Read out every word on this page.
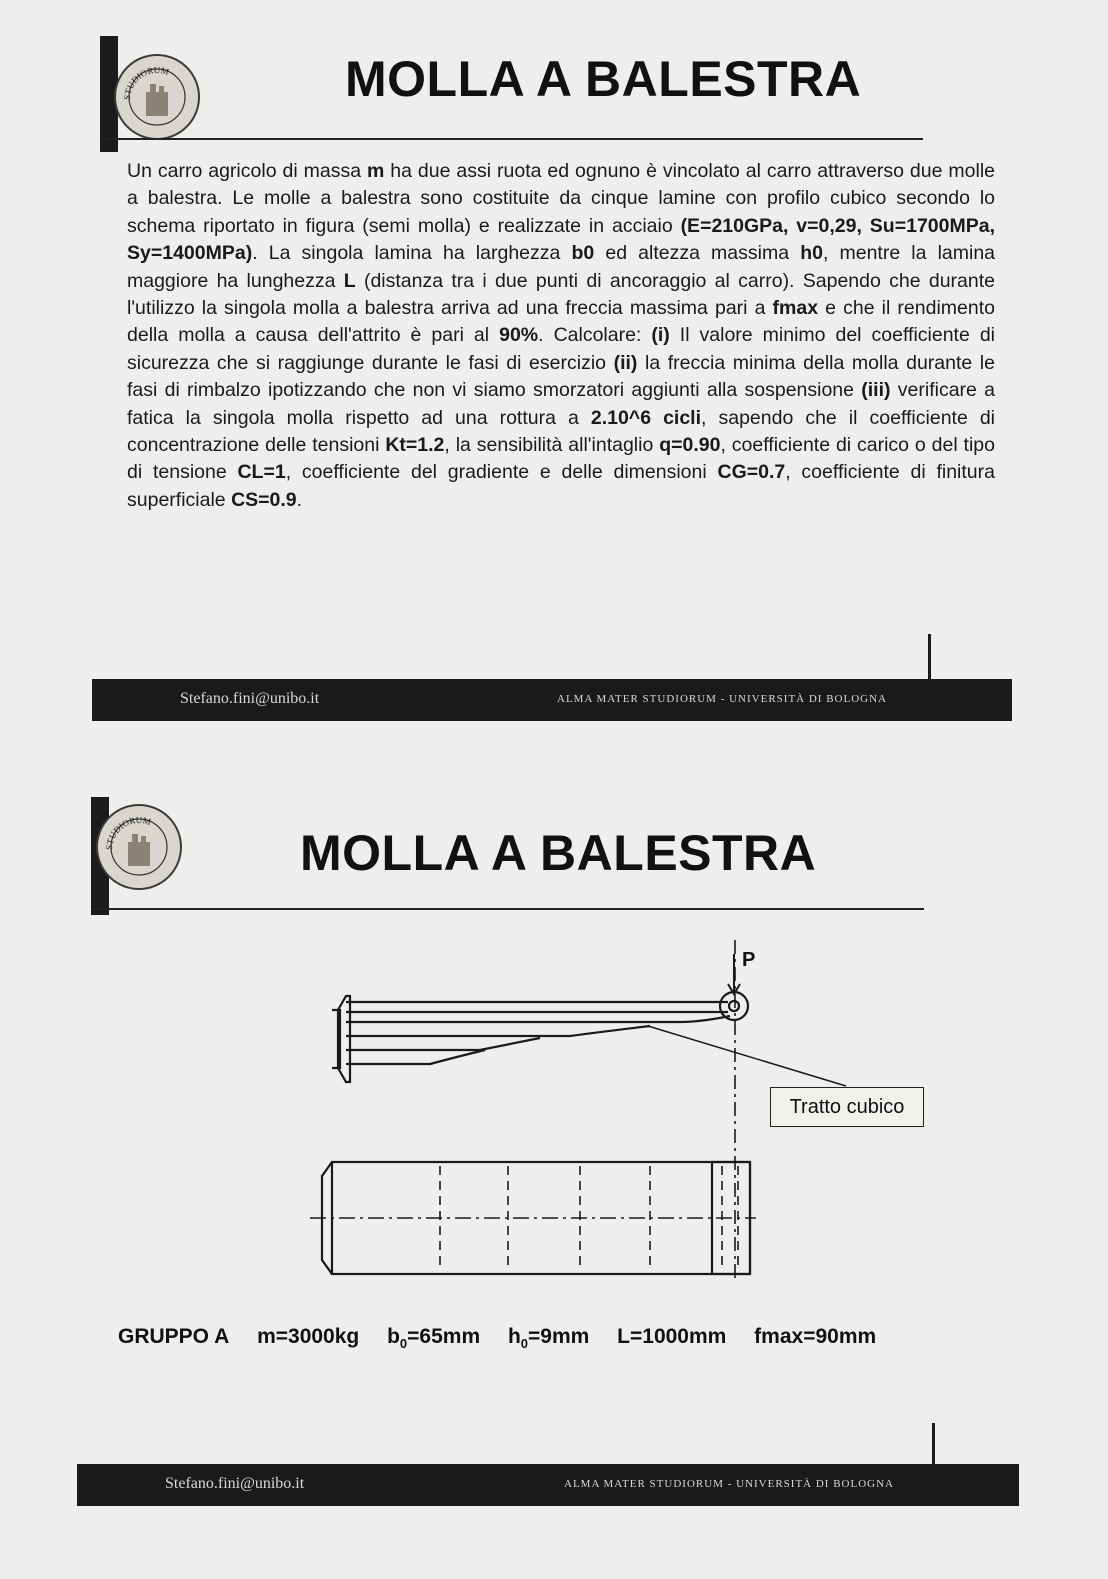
STUDIORUM	MOLLA A BALESTRA
Un carro agricolo di massa m ha due assi ruota ed ognuno è vincolato al carro attraverso due molle a balestra. Le molle a balestra sono costituite da cinque lamine con profilo cubico secondo lo schema riportato in figura (semi molla) e realizzate in acciaio (E=210GPa, v=0,29, Su=1700MPa, Sy=1400MPa). La singola lamina ha larghezza b0 ed altezza massima h0, mentre la lamina maggiore ha lunghezza L (distanza tra i due punti di ancoraggio al carro). Sapendo che durante l'utilizzo la singola molla a balestra arriva ad una freccia massima pari a fmax e che il rendimento della molla a causa dell'attrito è pari al 90%. Calcolare: (i) Il valore minimo del coefficiente di sicurezza che si raggiunge durante le fasi di esercizio (ii) la freccia minima della molla durante le fasi di rimbalzo ipotizzando che non vi siamo smorzatori aggiunti alla sospensione (iii) verificare a fatica la singola molla rispetto ad una rottura a 2.10^6 cicli, sapendo che il coefficiente di concentrazione delle tensioni Kt=1.2, la sensibilità all'intaglio q=0.90, coefficiente di carico o del tipo di tensione CL=1, coefficiente del gradiente e delle dimensioni CG=0.7, coefficiente di finitura superficiale CS=0.9.
Stefano.fini@unibo.it	ALMA MATER STUDIORUM - UNIVERSITÀ DI BOLOGNA
STUDIORUM
MOLLA A BALESTRA
P
Tratto cubico
GRUPPO A m=3000kg $b_0=65mm$ $h_0=9mm$ L=1000mm fmax=90mm
Stefano.fini@unibo.it	ALMA MATER STUDIORUM - UNIVERSITÀ DI BOLOGNA
